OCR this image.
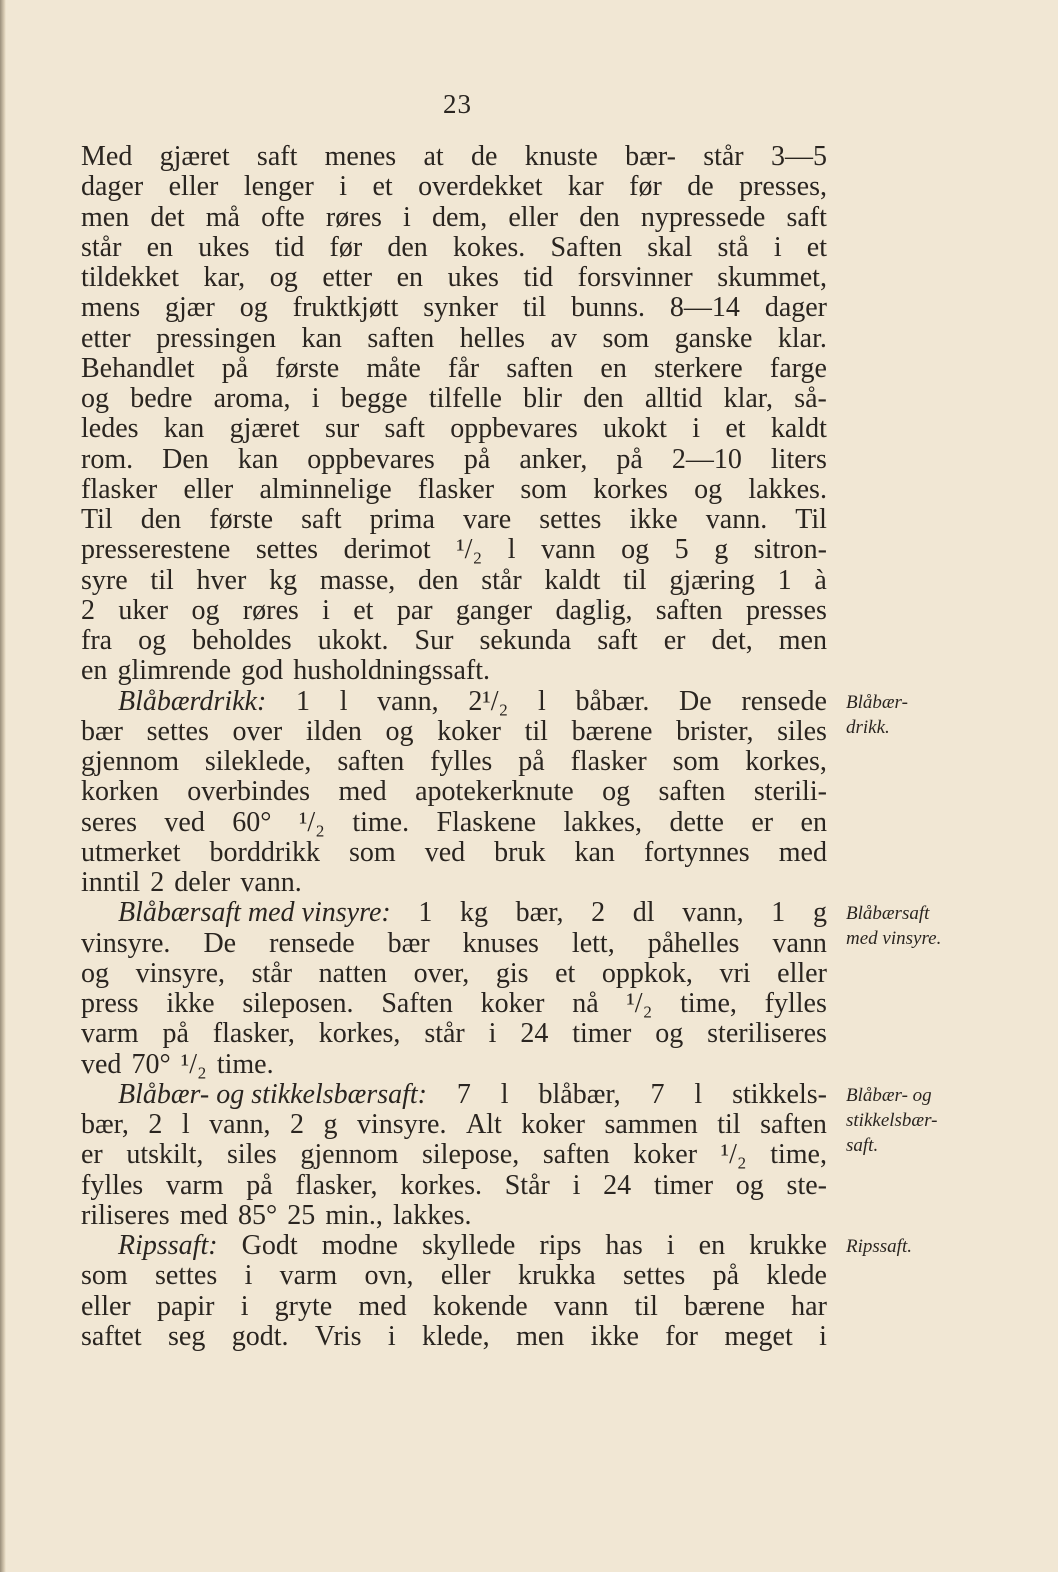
23
Med gjæret saft menes at de knuste bær- står 3—5
dager eller lenger i et overdekket kar før de presses,
men det må ofte røres i dem, eller den nypressede saft
står en ukes tid før den kokes. Saften skal stå i et
tildekket kar, og etter en ukes tid forsvinner skummet,
mens gjær og fruktkjøtt synker til bunns. 8—14 dager
etter pressingen kan saften helles av som ganske klar.
Behandlet på første måte får saften en sterkere farge
og bedre aroma, i begge tilfelle blir den alltid klar, så-
ledes kan gjæret sur saft oppbevares ukokt i et kaldt
rom. Den kan oppbevares på anker, på 2—10 liters
flasker eller alminnelige flasker som korkes og lakkes.
Til den første saft prima vare settes ikke vann. Til
presserestene settes derimot ¹/₂ l vann og 5 g sitron-
syre til hver kg masse, den står kaldt til gjæring 1 à
2 uker og røres i et par ganger daglig, saften presses
fra og beholdes ukokt. Sur sekunda saft er det, men
en glimrende god husholdningssaft.
Blåbærdrikk: 1 l vann, 2¹/₂ l båbær. De rensede
bær settes over ilden og koker til bærene brister, siles
gjennom sileklede, saften fylles på flasker som korkes,
korken overbindes med apotekerknute og saften sterili-
seres ved 60° ¹/₂ time. Flaskene lakkes, dette er en
utmerket borddrikk som ved bruk kan fortynnes med
inntil 2 deler vann.
Blåbærsaft med vinsyre: 1 kg bær, 2 dl vann, 1 g
vinsyre. De rensede bær knuses lett, påhelles vann
og vinsyre, står natten over, gis et oppkok, vri eller
press ikke sileposen. Saften koker nå ¹/₂ time, fylles
varm på flasker, korkes, står i 24 timer og steriliseres
ved 70° ¹/₂ time.
Blåbær- og stikkelsbærsaft: 7 l blåbær, 7 l stikkels-
bær, 2 l vann, 2 g vinsyre. Alt koker sammen til saften
er utskilt, siles gjennom silepose, saften koker ¹/₂ time,
fylles varm på flasker, korkes. Står i 24 timer og ste-
riliseres med 85° 25 min., lakkes.
Ripssaft: Godt modne skyllede rips has i en krukke
som settes i varm ovn, eller krukka settes på klede
eller papir i gryte med kokende vann til bærene har
saftet seg godt. Vris i klede, men ikke for meget i
Blåbær-
drikk.
Blåbærsaft
med vinsyre.
Blåbær- og
stikkelsbær-
saft.
Ripssaft.
